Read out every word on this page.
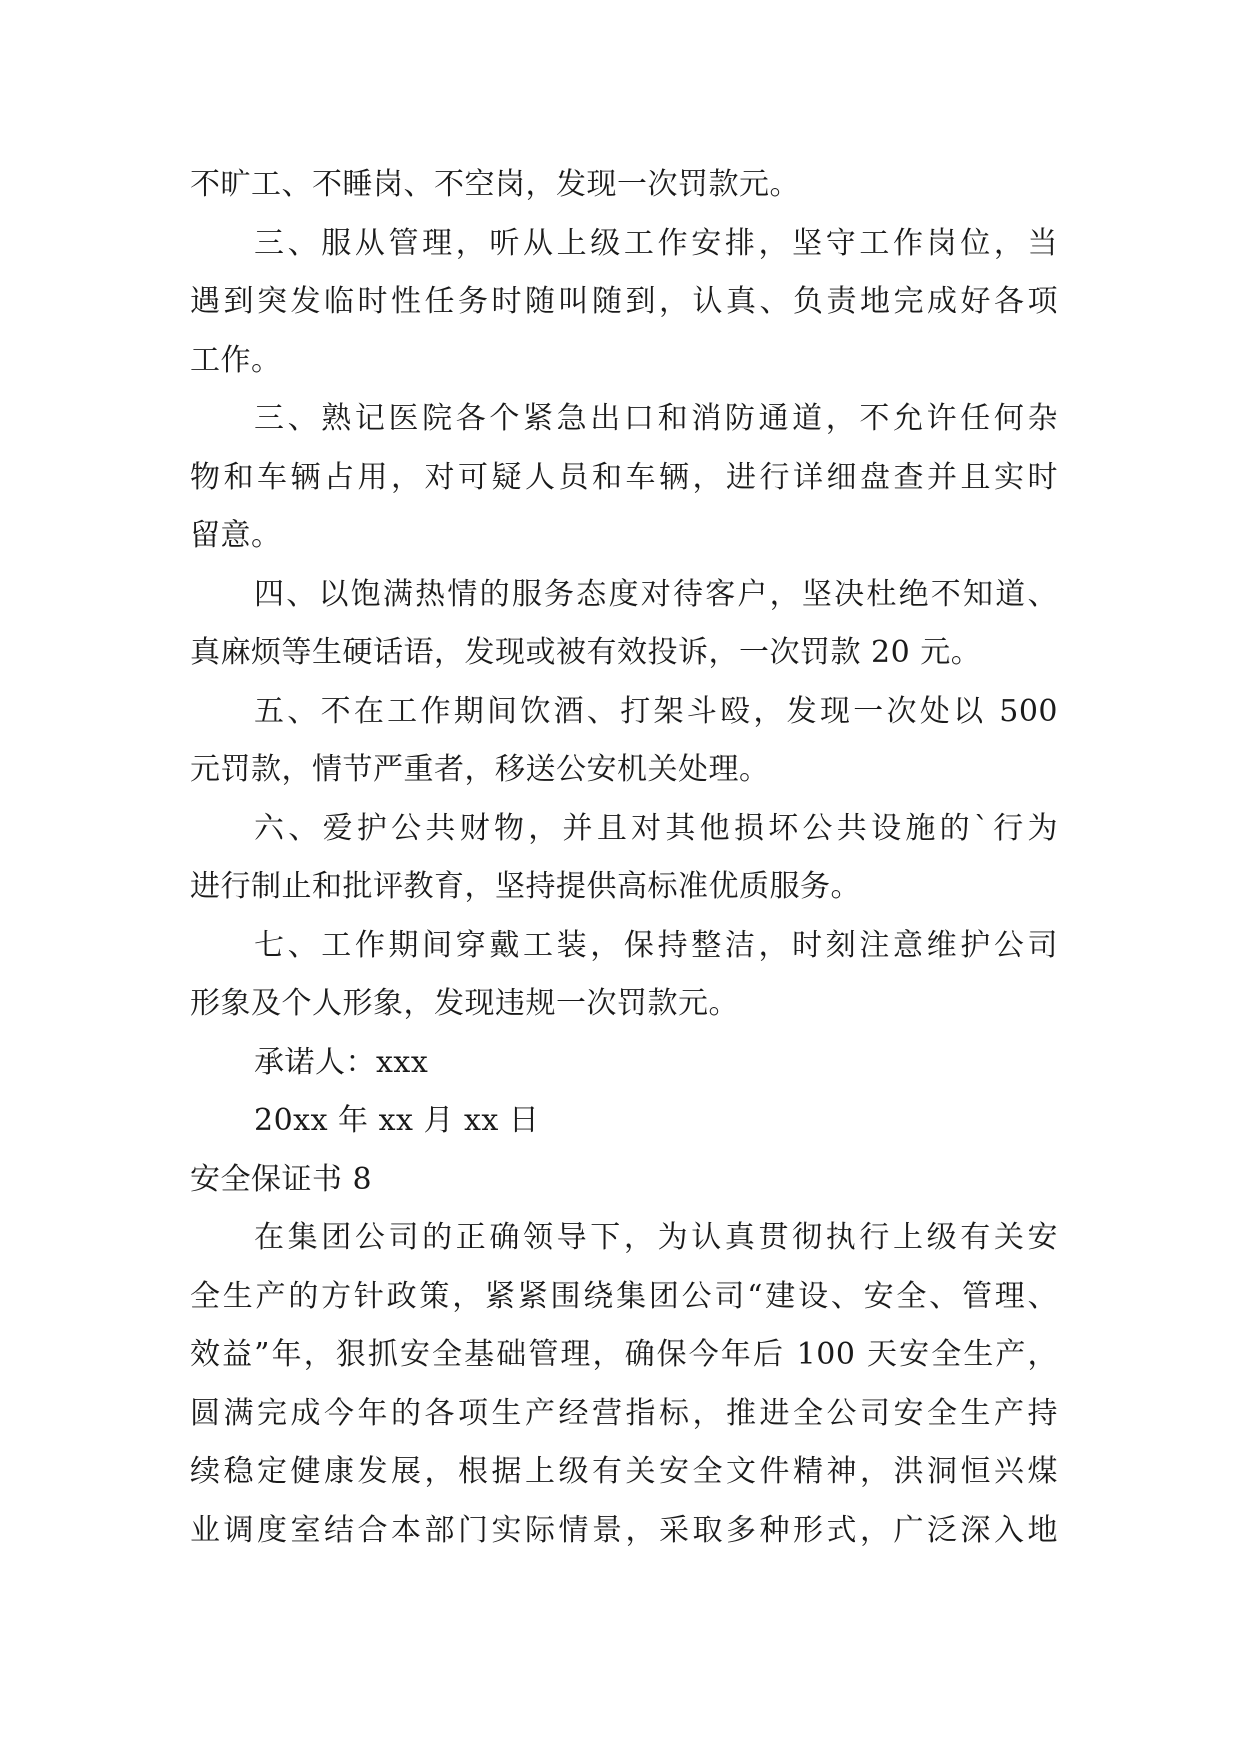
不旷工、不睡岗、不空岗，发现一次罚款元。
三、服从管理，听从上级工作安排，坚守工作岗位，当
遇到突发临时性任务时随叫随到，认真、负责地完成好各项
工作。
三、熟记医院各个紧急出口和消防通道，不允许任何杂
物和车辆占用，对可疑人员和车辆，进行详细盘查并且实时
留意。
四、以饱满热情的服务态度对待客户，坚决杜绝不知道、
真麻烦等生硬话语，发现或被有效投诉，一次罚款 20 元。
五、不在工作期间饮酒、打架斗殴，发现一次处以 500
元罚款，情节严重者，移送公安机关处理。
六、爱护公共财物，并且对其他损坏公共设施的`行为
进行制止和批评教育，坚持提供高标准优质服务。
七、工作期间穿戴工装，保持整洁，时刻注意维护公司
形象及个人形象，发现违规一次罚款元。
承诺人：xxx
20xx 年 xx 月 xx 日
安全保证书 8
在集团公司的正确领导下，为认真贯彻执行上级有关安
全生产的方针政策，紧紧围绕集团公司“建设、安全、管理、
效益”年，狠抓安全基础管理，确保今年后 100 天安全生产，
圆满完成今年的各项生产经营指标，推进全公司安全生产持
续稳定健康发展，根据上级有关安全文件精神，洪洞恒兴煤
业调度室结合本部门实际情景，采取多种形式，广泛深入地
